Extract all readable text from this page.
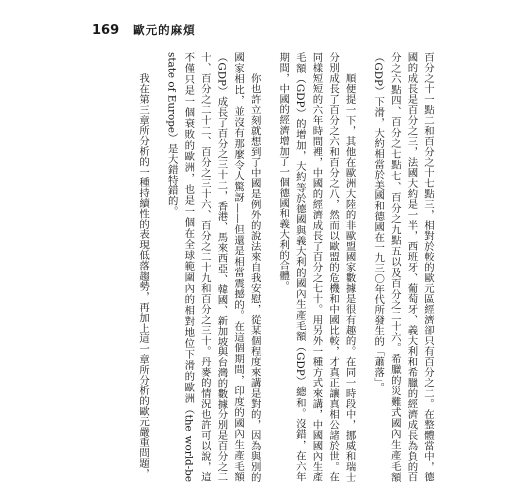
169 歐元的麻煩

百分之十一點二和百分之十七點三，相對於較的歐元區經濟卻只有百分之二。在整體當中，德國的成長是百分之三，法國大約是一半，西班牙、葡萄牙、義大利和希臘的經濟成長為負的百分之六點四、百分之七點七、百分之九點五以及百分之二十六。希臘的災難式國內生產毛額（GDP）下滑，大約相當於美國和德國在一九三〇年代所發生的「蕭落」。

順便提一下，其他在歐洲大陸的非歐盟國家數據是很有趣的。在同一時段中，挪威和瑞士分別成長了百分之六和百分之八，然而以歐盟的危機和中國比較，才真正讓真相公諸於世。在同樣短短的六年時間裡，中國的經濟成長了百分之七十。用另外一種方式來講，中國國內生產毛額（GDP）的增加，大約等於德國與義大利的國內生產毛額（GDP）總和。沒錯，在六年期間，中國的經濟增加了一個德國和義大利的合體。

你也許立刻就想到了中國是例外的說法來自我安慰，從某個程度來講是對的，因為與別的國家相比，並沒有那麼令人驚訝——但還是相當震撼的。在這個期間，印度的國內生產毛額（GDP）成長了百分之三十二，香港、馬來西亞、韓國、新加坡與台灣的數據分別是百分之二十、百分之二十二、百分之三十六、百分之二十九和百分之三十。丹麥的情況也許可以說，這不僅只是一個衰敗的歐洲，也是一個在全球範圍內的相對地位下滑的歐洲（the world-be state of Europe）是大錯特錯的。

我在第三章所分析的一種持續性的表現低落趨勢，再加上這一章所分析的歐元嚴重問題，
